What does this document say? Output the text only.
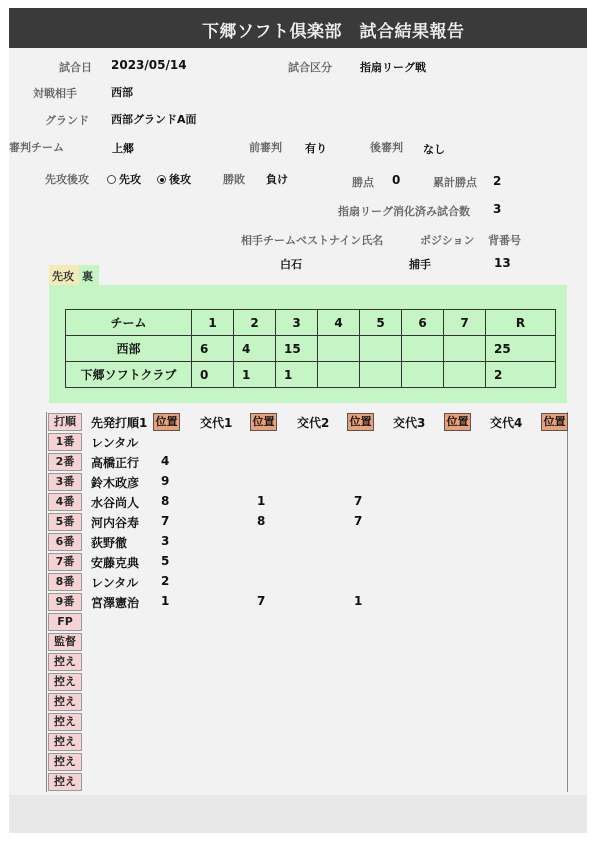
下郷ソフト倶楽部　試合結果報告
試合日 2023/05/14	試合区分	指扇リーグ戦
対戦相手	西部
グランド 西部グランドA面
審判チーム	上郷	前審判 有り	後審判 なし
先攻後攻	先攻	後攻	勝敗 負け	勝点 0	累計勝点 2
指扇リーグ消化済み試合数 3
相手チームベストナイン氏名	ポジション 背番号
白石	捕手	13
先攻 裏
チーム	1	2	3	4	5	6	7	R
西部	6	4	15					25
下郷ソフトクラブ	0	1	1					2
打順	先発打順1 位置 交代1 位置 交代2 位置 交代3 位置 交代4 位置
1番	レンタル
2番	高橋正行 4
3番	鈴木政彦 9
4番	水谷尚人 8	1	7
5番	河内谷寿 7	8	7
6番	荻野徹	3
7番	安藤克典 5
8番	レンタル 2
9番	宮澤憲治 1	7	1
FP
監督
控え
控え
控え
控え
控え
控え
控え
